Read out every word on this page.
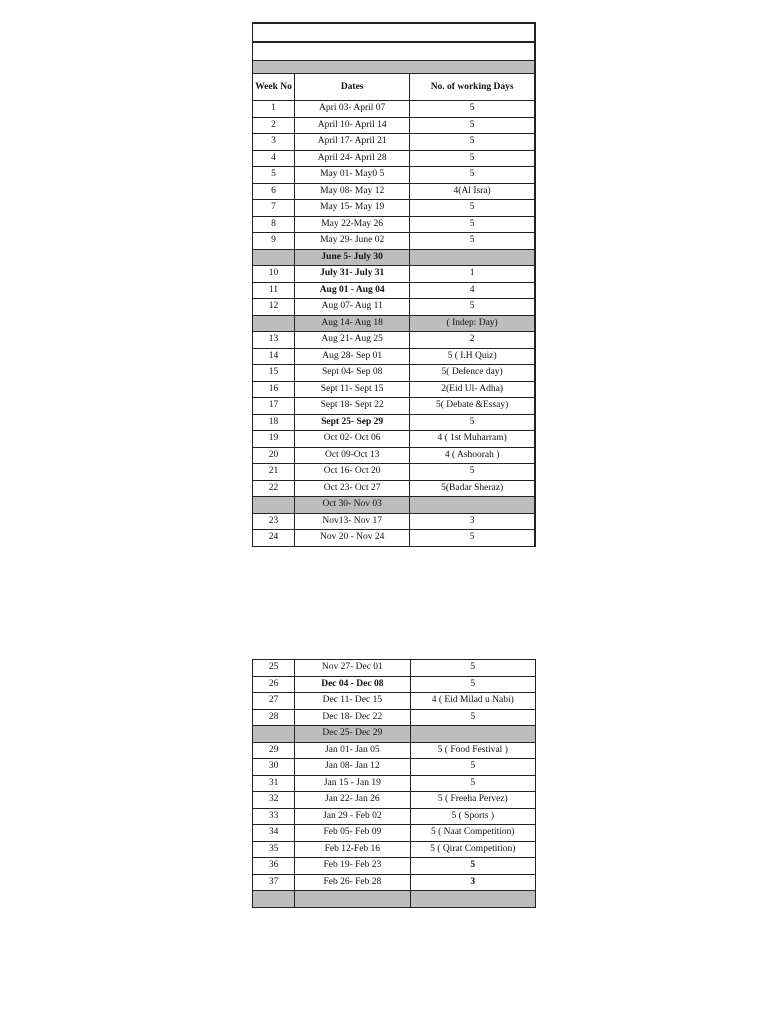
Week No	Dates	No. of working Days
1	Apri 03- April 07	5
2	April 10- April 14	5
3	April 17- April 21	5
4	April 24- April 28	5
5	May 01- May0 5	5
6	May 08- May 12	4(Al Isra)
7	May 15- May 19	5
8	May 22-May 26	5
9	May 29- June 02	5
	June 5- July 30	
10	July 31- July 31	1
11	Aug 01 - Aug 04	4
12	Aug 07- Aug 11	5
	Aug 14- Aug 18	( Indep: Day)
13	Aug 21- Aug 25	2
14	Aug 28- Sep 01	5 ( I.H Quiz)
15	Sept 04- Sep 08	5( Defence day)
16	Sept 11- Sept 15	2(Eid Ul- Adha)
17	Sept 18- Sept 22	5( Debate &Essay)
18	Sept 25- Sep 29	5
19	Oct 02- Oct 06	4 ( 1st Muharram)
20	Oct 09-Oct 13	4 ( Ashoorah )
21	Oct 16- Oct 20	5
22	Oct 23- Oct 27	5(Badar Sheraz)
	Oct 30- Nov 03	
23	Nov13- Nov 17	3
24	Nov 20 - Nov 24	5
25	Nov 27- Dec 01	5
26	Dec 04 - Dec 08	5
27	Dec 11- Dec 15	4 ( Eid Milad u Nabi)
28	Dec 18- Dec 22	5
	Dec 25- Dec 29	
29	Jan 01- Jan 05	5 ( Food Festival )
30	Jan 08- Jan 12	5
31	Jan 15 - Jan 19	5
32	Jan 22- Jan 26	5 ( Freeha Pervez)
33	Jan 29 - Feb 02	5 ( Sports )
34	Feb 05- Feb 09	5 ( Naat Competition)
35	Feb 12-Feb 16	5 ( Qirat Competition)
36	Feb 19- Feb 23	5
37	Feb 26- Feb 28	3
